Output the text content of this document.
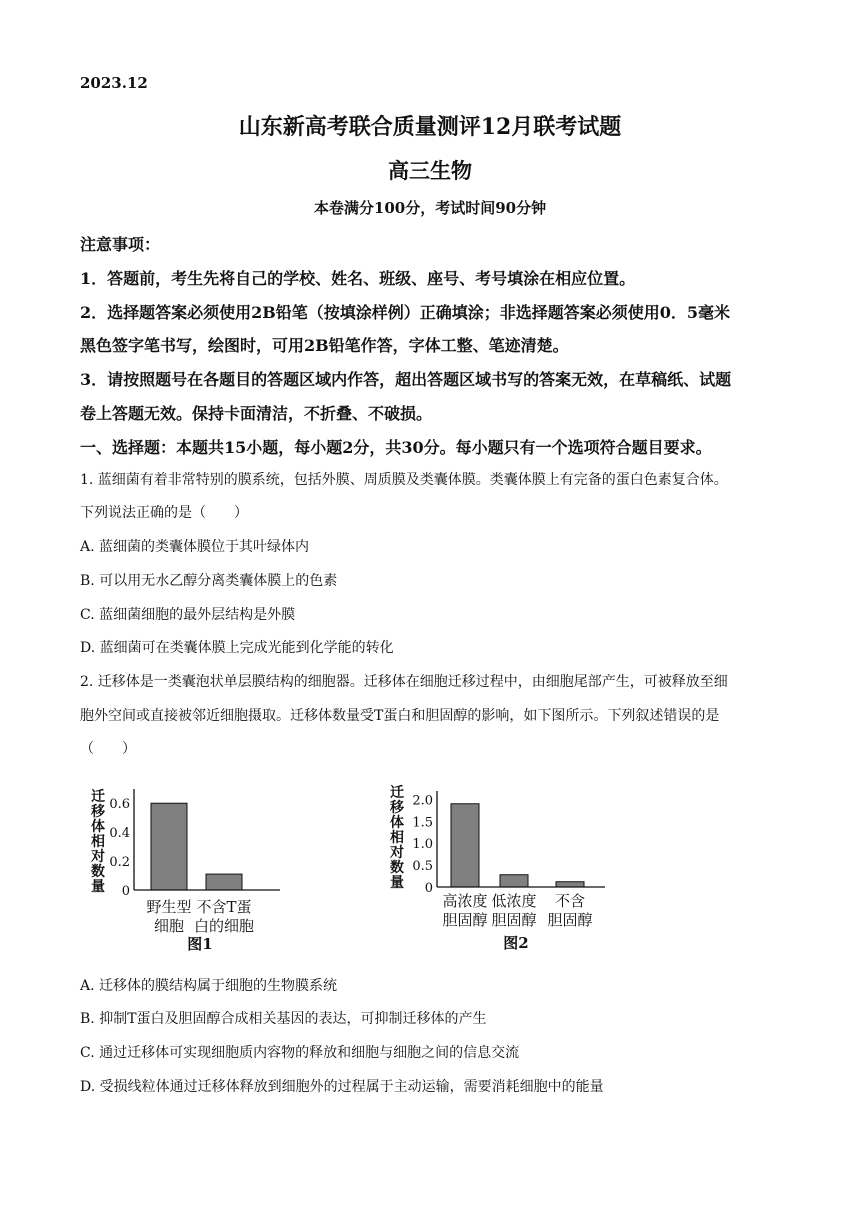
2023.12
山东新高考联合质量测评12月联考试题
高三生物
本卷满分100分，考试时间90分钟
注意事项：
1．答题前，考生先将自己的学校、姓名、班级、座号、考号填涂在相应位置。
2．选择题答案必须使用2B铅笔（按填涂样例）正确填涂；非选择题答案必须使用0．5毫米
黑色签字笔书写，绘图时，可用2B铅笔作答，字体工整、笔迹清楚。
3．请按照题号在各题目的答题区域内作答，超出答题区域书写的答案无效，在草稿纸、试题
卷上答题无效。保持卡面清洁，不折叠、不破损。
一、选择题：本题共15小题，每小题2分，共30分。每小题只有一个选项符合题目要求。
1. 蓝细菌有着非常特别的膜系统，包括外膜、周质膜及类囊体膜。类囊体膜上有完备的蛋白色素复合体。
下列说法正确的是（　　）
A. 蓝细菌的类囊体膜位于其叶绿体内
B. 可以用无水乙醇分离类囊体膜上的色素
C. 蓝细菌细胞的最外层结构是外膜
D. 蓝细菌可在类囊体膜上完成光能到化学能的转化
2. 迁移体是一类囊泡状单层膜结构的细胞器。迁移体在细胞迁移过程中，由细胞尾部产生，可被释放至细
胞外空间或直接被邻近细胞摄取。迁移体数量受T蛋白和胆固醇的影响，如下图所示。下列叙述错误的是
（　　）
迁
移
体
相
对
数
量 0
0.2
0.4
0.6
野生型
细胞
不含T蛋
白的细胞
图1
迁
移
体
相
对
数
量 0
0.5
1.0
1.5
2.0
高浓度
胆固醇
低浓度
胆固醇
不含
胆固醇
图2
A. 迁移体的膜结构属于细胞的生物膜系统
B. 抑制T蛋白及胆固醇合成相关基因的表达，可抑制迁移体的产生
C. 通过迁移体可实现细胞质内容物的释放和细胞与细胞之间的信息交流
D. 受损线粒体通过迁移体释放到细胞外的过程属于主动运输，需要消耗细胞中的能量
